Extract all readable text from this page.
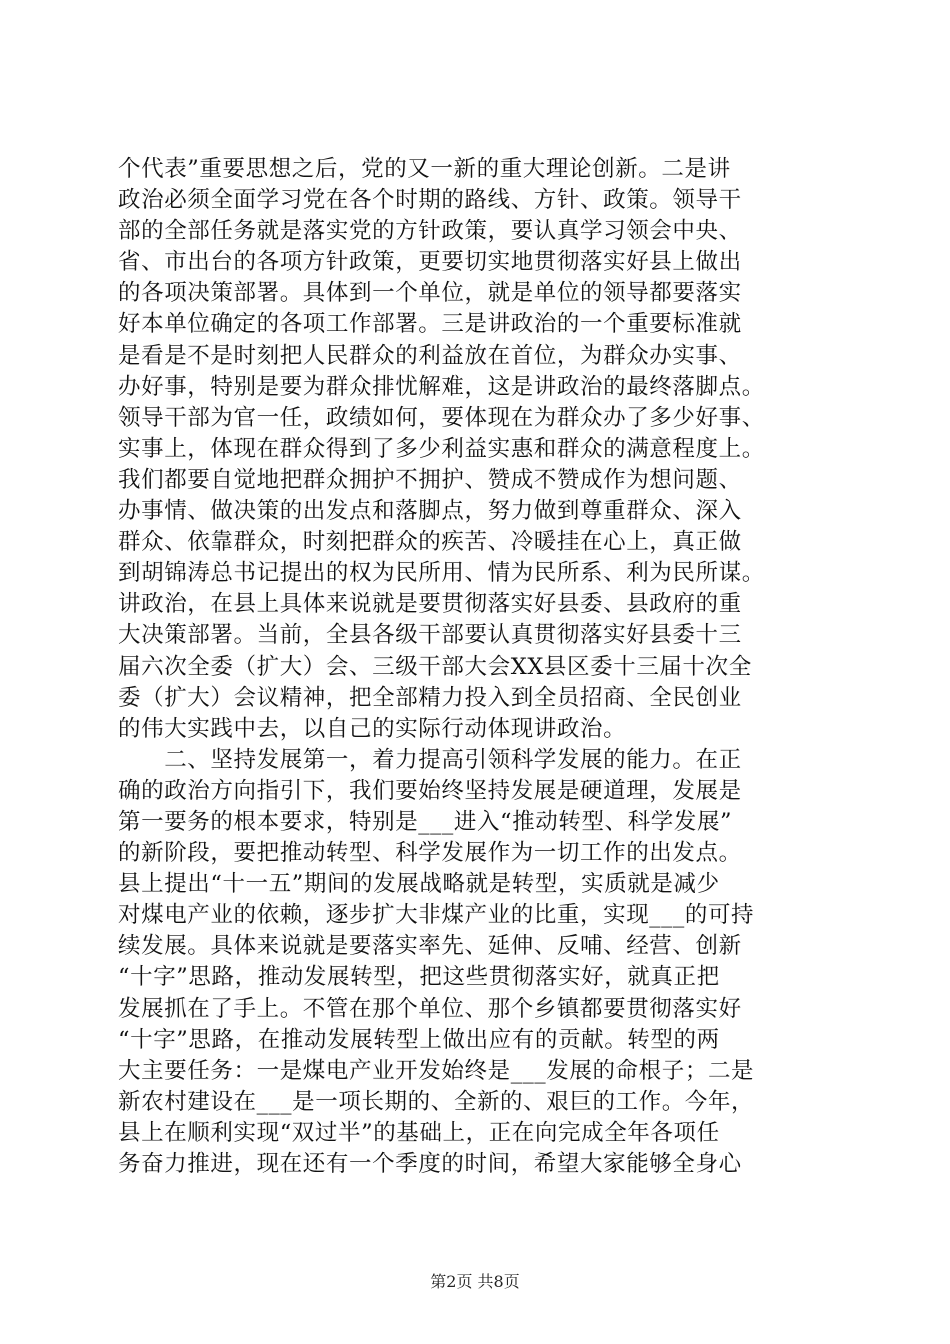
个代表”重要思想之后，党的又一新的重大理论创新。二是讲
政治必须全面学习党在各个时期的路线、方针、政策。领导干
部的全部任务就是落实党的方针政策，要认真学习领会中央、
省、市出台的各项方针政策，更要切实地贯彻落实好县上做出
的各项决策部署。具体到一个单位，就是单位的领导都要落实
好本单位确定的各项工作部署。三是讲政治的一个重要标准就
是看是不是时刻把人民群众的利益放在首位，为群众办实事、
办好事，特别是要为群众排忧解难，这是讲政治的最终落脚点。
领导干部为官一任，政绩如何，要体现在为群众办了多少好事、
实事上，体现在群众得到了多少利益实惠和群众的满意程度上。
我们都要自觉地把群众拥护不拥护、赞成不赞成作为想问题、
办事情、做决策的出发点和落脚点，努力做到尊重群众、深入
群众、依靠群众，时刻把群众的疾苦、冷暖挂在心上，真正做
到胡锦涛总书记提出的权为民所用、情为民所系、利为民所谋。
讲政治，在县上具体来说就是要贯彻落实好县委、县政府的重
大决策部署。当前，全县各级干部要认真贯彻落实好县委十三
届六次全委（扩大）会、三级干部大会XX县区委十三届十次全
委（扩大）会议精神，把全部精力投入到全员招商、全民创业
的伟大实践中去，以自己的实际行动体现讲政治。
　　二、坚持发展第一，着力提高引领科学发展的能力。在正
确的政治方向指引下，我们要始终坚持发展是硬道理，发展是
第一要务的根本要求，特别是___进入“推动转型、科学发展”
的新阶段，要把推动转型、科学发展作为一切工作的出发点。
县上提出“十一五”期间的发展战略就是转型，实质就是减少
对煤电产业的依赖，逐步扩大非煤产业的比重，实现___的可持
续发展。具体来说就是要落实率先、延伸、反哺、经营、创新
“十字”思路，推动发展转型，把这些贯彻落实好，就真正把
发展抓在了手上。不管在那个单位、那个乡镇都要贯彻落实好
“十字”思路，在推动发展转型上做出应有的贡献。转型的两
大主要任务：一是煤电产业开发始终是___发展的命根子；二是
新农村建设在___是一项长期的、全新的、艰巨的工作。今年，
县上在顺利实现“双过半”的基础上，正在向完成全年各项任
务奋力推进，现在还有一个季度的时间，希望大家能够全身心
第2页 共8页
